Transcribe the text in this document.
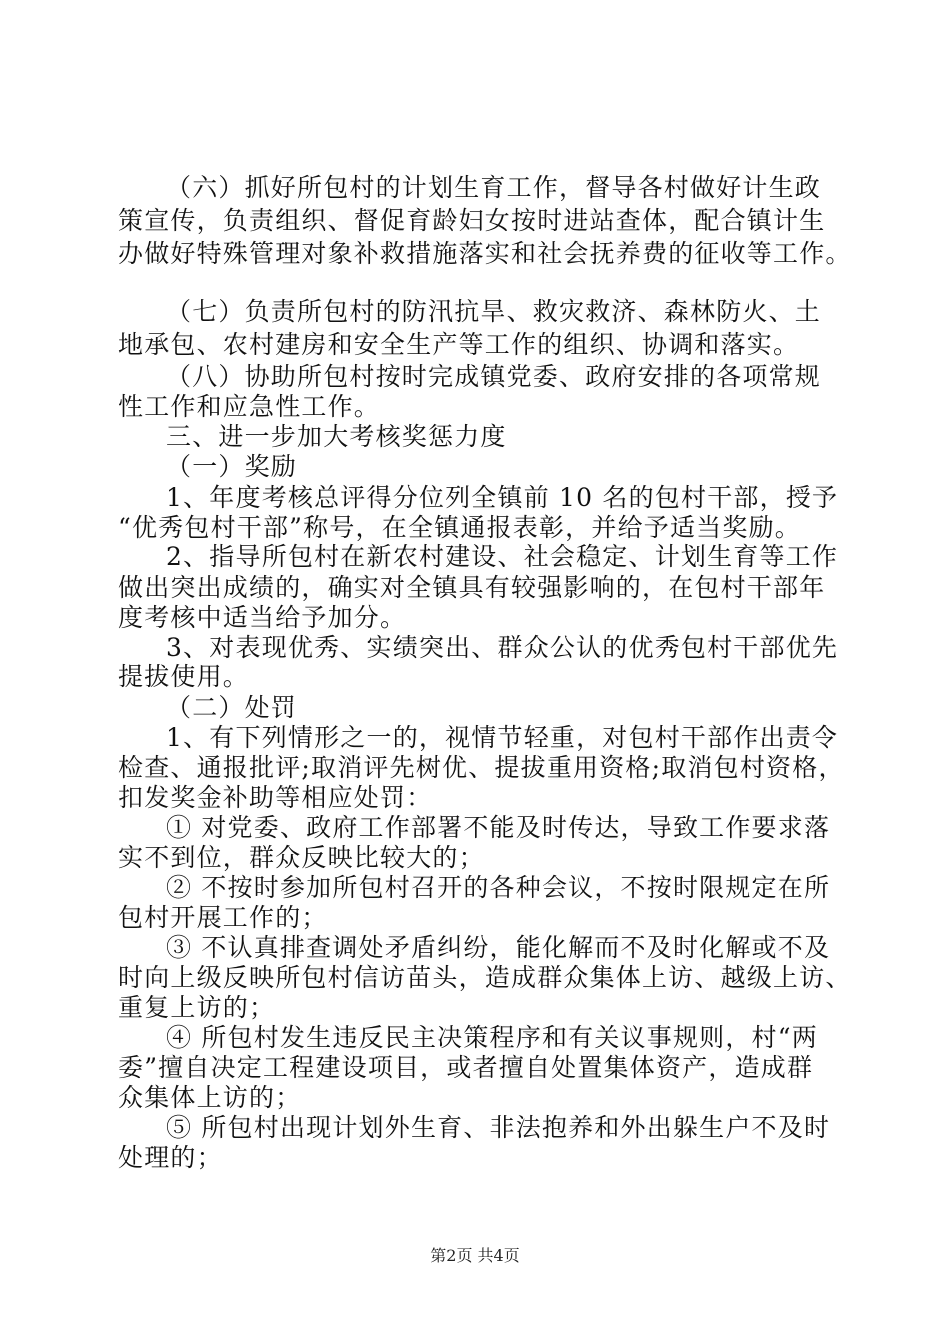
（六）抓好所包村的计划生育工作，督导各村做好计生政
策宣传，负责组织、督促育龄妇女按时进站查体，配合镇计生
办做好特殊管理对象补救措施落实和社会抚养费的征收等工作。
（七）负责所包村的防汛抗旱、救灾救济、森林防火、土
地承包、农村建房和安全生产等工作的组织、协调和落实。
（八）协助所包村按时完成镇党委、政府安排的各项常规
性工作和应急性工作。
三、进一步加大考核奖惩力度
（一）奖励
1、年度考核总评得分位列全镇前 10 名的包村干部，授予
“优秀包村干部”称号，在全镇通报表彰，并给予适当奖励。
2、指导所包村在新农村建设、社会稳定、计划生育等工作
做出突出成绩的，确实对全镇具有较强影响的，在包村干部年
度考核中适当给予加分。
3、对表现优秀、实绩突出、群众公认的优秀包村干部优先
提拔使用。
（二）处罚
1、有下列情形之一的，视情节轻重，对包村干部作出责令
检查、通报批评;取消评先树优、提拔重用资格;取消包村资格，
扣发奖金补助等相应处罚：
① 对党委、政府工作部署不能及时传达，导致工作要求落
实不到位，群众反映比较大的；
② 不按时参加所包村召开的各种会议，不按时限规定在所
包村开展工作的；
③ 不认真排查调处矛盾纠纷，能化解而不及时化解或不及
时向上级反映所包村信访苗头，造成群众集体上访、越级上访、
重复上访的；
④ 所包村发生违反民主决策程序和有关议事规则，村“两
委”擅自决定工程建设项目，或者擅自处置集体资产，造成群
众集体上访的；
⑤ 所包村出现计划外生育、非法抱养和外出躲生户不及时
处理的；
第2页 共4页
